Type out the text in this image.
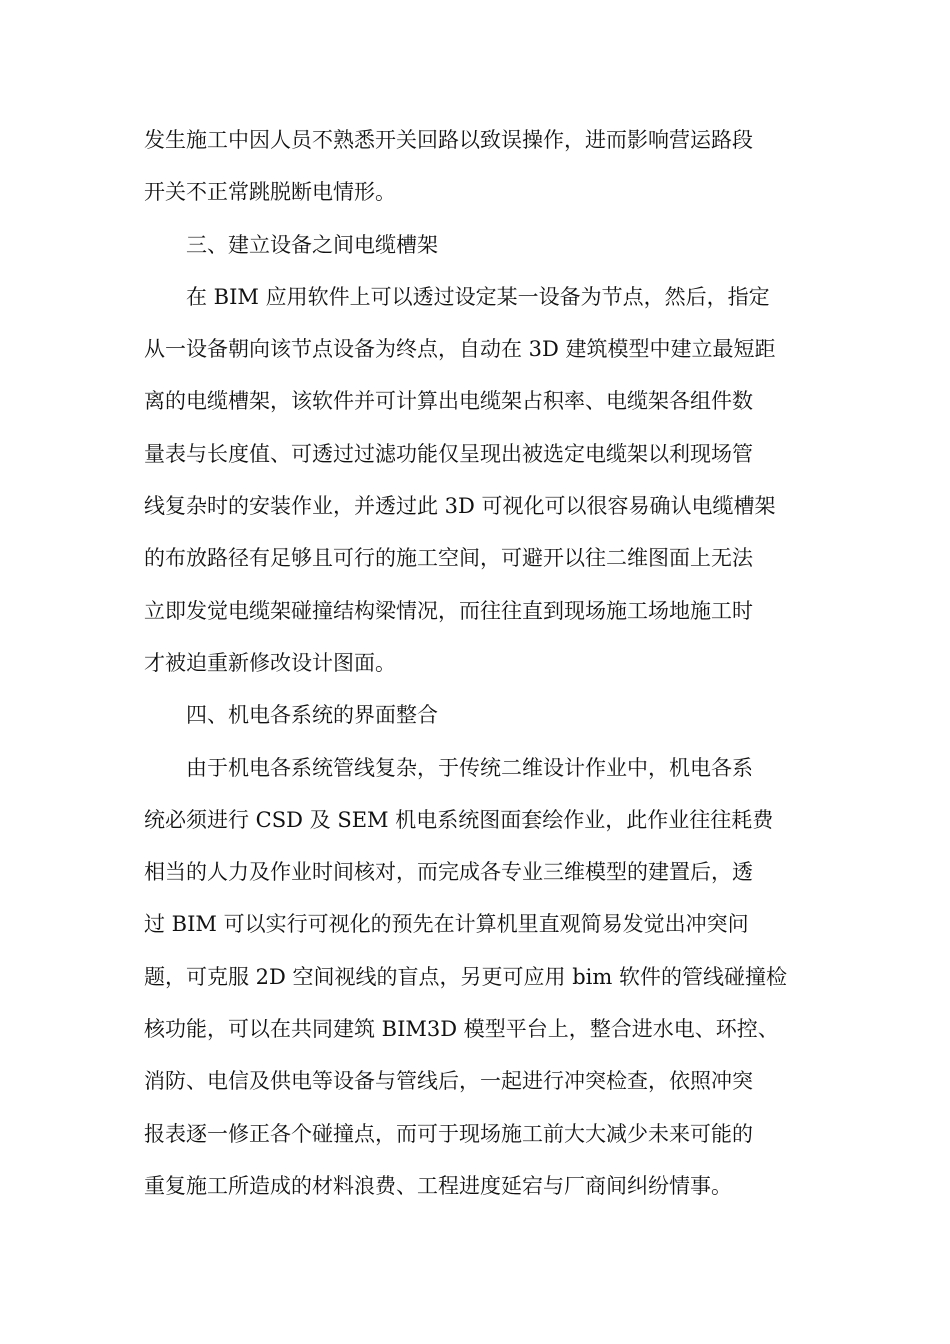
发生施工中因人员不熟悉开关回路以致误操作，进而影响营运路段
开关不正常跳脱断电情形。
三、建立设备之间电缆槽架
在 BIM 应用软件上可以透过设定某一设备为节点，然后，指定
从一设备朝向该节点设备为终点，自动在 3D 建筑模型中建立最短距
离的电缆槽架，该软件并可计算出电缆架占积率、电缆架各组件数
量表与长度值、可透过过滤功能仅呈现出被选定电缆架以利现场管
线复杂时的安装作业，并透过此 3D 可视化可以很容易确认电缆槽架
的布放路径有足够且可行的施工空间，可避开以往二维图面上无法
立即发觉电缆架碰撞结构梁情况，而往往直到现场施工场地施工时
才被迫重新修改设计图面。
四、机电各系统的界面整合
由于机电各系统管线复杂，于传统二维设计作业中，机电各系
统必须进行 CSD 及 SEM 机电系统图面套绘作业，此作业往往耗费
相当的人力及作业时间核对，而完成各专业三维模型的建置后，透
过 BIM 可以实行可视化的预先在计算机里直观简易发觉出冲突问
题，可克服 2D 空间视线的盲点，另更可应用 bim 软件的管线碰撞检
核功能，可以在共同建筑 BIM3D 模型平台上，整合进水电、环控、
消防、电信及供电等设备与管线后，一起进行冲突检查，依照冲突
报表逐一修正各个碰撞点，而可于现场施工前大大减少未来可能的
重复施工所造成的材料浪费、工程进度延宕与厂商间纠纷情事。
